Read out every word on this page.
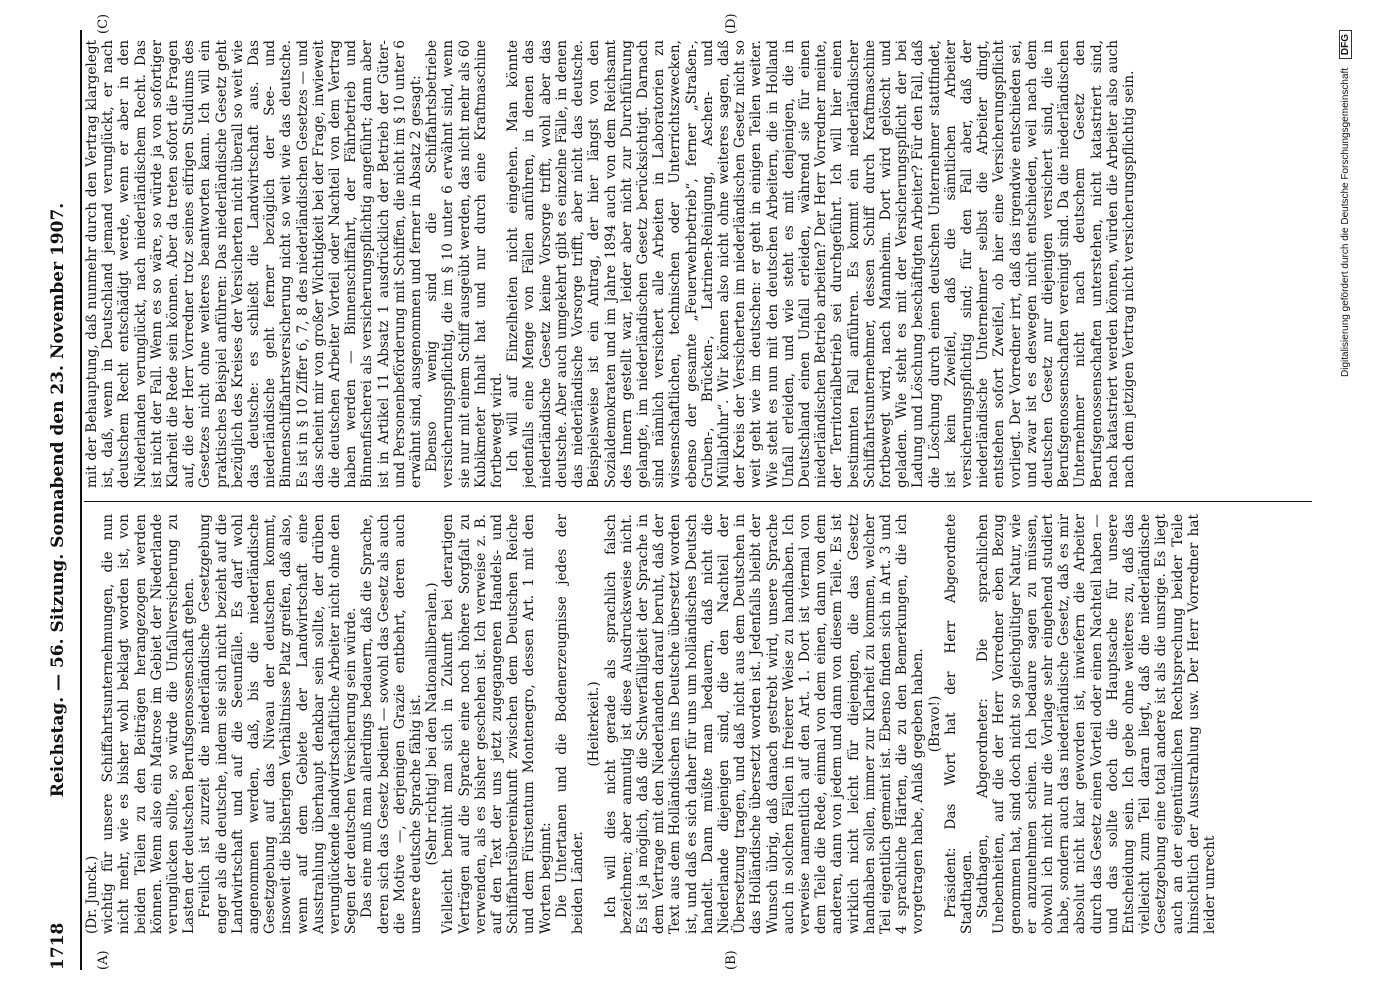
1718
Reichstag. — 56. Sitzung. Sonnabend den 23. November 1907.
(A)	(B)
(C)	(D)

(Dr. Junck.) wichtig für unsere Schiffahrtsunternehmungen, die nun nicht mehr, wie es bisher wohl beklagt worden ist, von beiden Teilen zu den Beiträgen herangezogen werden können. Wenn also ein Matrose im Gebiet der Niederlande verunglücken sollte, so würde die Unfallversicherung zu Lasten der deutschen Berufsgenossenschaft gehen. Freilich ist zurzeit die niederländische Gesetzgebung enger als die deutsche, indem sie sich nicht bezieht auf die Landwirtschaft und auf die Seeunfälle. Es darf wohl angenommen werden, daß, bis die niederländische Gesetzgebung auf das Niveau der deutschen kommt, insoweit die bisherigen Verhältnisse Platz greifen, daß also, wenn auf dem Gebiete der Landwirtschaft eine Ausstrahlung überhaupt denkbar sein sollte, der drüben verunglückende landwirtschaftliche Arbeiter nicht ohne den Segen der deutschen Versicherung sein würde. Das eine muß man allerdings bedauern, daß die Sprache, deren sich das Gesetz bedient — sowohl das Gesetz als auch die Motive —, derjenigen Grazie entbehrt, deren auch unsere deutsche Sprache fähig ist. (Sehr richtig! bei den Nationalliberalen.) Vielleicht bemüht man sich in Zukunft bei derartigen Verträgen auf die Sprache eine noch höhere Sorgfalt zu verwenden, als es bisher geschehen ist. Ich verweise z. B. auf den Text der uns jetzt zugegangenen Handels- und Schiffahrtsübereinkunft zwischen dem Deutschen Reiche und dem Fürstentum Montenegro, dessen Art. 1 mit den Worten beginnt: Die Untertanen und die Bodenerzeugnisse jedes der beiden Länder.

(Heiterkeit.) Ich will dies nicht gerade als sprachlich falsch bezeichnen; aber anmutig ist diese Ausdrucksweise nicht. Es ist ja möglich, daß die Schwerfälligkeit der Sprache in dem Vertrage mit den Niederlanden darauf beruht, daß der Text aus dem Holländischen ins Deutsche übersetzt worden ist, und daß es sich daher für uns um holländisches Deutsch handelt. Dann müßte man bedauern, daß nicht die Niederlande diejenigen sind, die den Nachteil der Übersetzung tragen, und daß nicht aus dem Deutschen in das Holländische übersetzt worden ist. Jedenfalls bleibt der Wunsch übrig, daß danach gestrebt wird, unsere Sprache auch in solchen Fällen in freierer Weise zu handhaben. Ich verweise namentlich auf den Art. 1. Dort ist viermal von dem Teile die Rede, einmal von dem einen, dann von dem anderen, dann von jedem und dann von diesem Teile. Es ist wirklich nicht leicht für diejenigen, die das Gesetz handhaben sollen, immer zur Klarheit zu kommen, welcher Teil eigentlich gemeint ist. Ebenso finden sich in Art. 3 und 4 sprachliche Härten, die zu den Bemerkungen, die ich vorgetragen habe, Anlaß gegeben haben. (Bravo!) Präsident: Das Wort hat der Herr Abgeordnete Stadthagen. Stadthagen, Abgeordneter: Die sprachlichen Unebenheiten, auf die der Herr Vorredner eben Bezug genommen hat, sind doch nicht so gleichgültiger Natur, wie er anzunehmen schien. Ich bedaure sagen zu müssen, obwohl ich nicht nur die Vorlage sehr eingehend studiert habe, sondern auch das niederländische Gesetz, daß es mir absolut nicht klar geworden ist, inwiefern die Arbeiter durch das Gesetz einen Vorteil oder einen Nachteil haben — und das sollte doch die Hauptsache für unsere Entscheidung sein. Ich gebe ohne weiteres zu, daß das vielleicht zum Teil daran liegt, daß die niederländische Gesetzgebung eine total andere ist als die unsrige. Es liegt auch an der eigentümlichen Rechtsprechung beider Teile hinsichtlich der Ausstrahlung usw. Der Herr Vorredner hat leider unrecht

mit der Behauptung, daß nunmehr durch den Vertrag klargelegt ist, daß, wenn in Deutschland jemand verunglückt, er nach deutschem Recht entschädigt werde, wenn er aber in den Niederlanden verunglückt, nach niederländischem Recht. Das ist nicht der Fall. Wenn es so wäre, so würde ja von sofortiger Klarheit die Rede sein können. Aber da treten sofort die Fragen auf, die der Herr Vorredner trotz seines eifrigen Studiums des Gesetzes nicht ohne weiteres beantworten kann. Ich will ein praktisches Beispiel anführen: Das niederländische Gesetz geht bezüglich des Kreises der Versicherten nicht überall so weit wie das deutsche: es schließt die Landwirtschaft aus. Das niederländische geht ferner bezüglich der See- und Binnenschiffahrtsversicherung nicht so weit wie das deutsche. Es ist in § 10 Ziffer 6, 7, 8 des niederländischen Gesetzes — und das scheint mir von großer Wichtigkeit bei der Frage, inwieweit die deutschen Arbeiter Vorteil oder Nachteil von dem Vertrag haben werden — Binnenschiffahrt, der Fährbetrieb und Binnenfischerei als versicherungspflichtig angeführt; dann aber ist in Artikel 11 Absatz 1 ausdrücklich der Betrieb der Güter- und Personenbeförderung mit Schiffen, die nicht im § 10 unter 6 erwähnt sind, ausgenommen und ferner in Absatz 2 gesagt: Ebenso wenig sind die Schiffahrtsbetriebe versicherungspflichtig, die im § 10 unter 6 erwähnt sind, wenn sie nur mit einem Schiff ausgeübt werden, das nicht mehr als 60 Kubikmeter Inhalt hat und nur durch eine Kraftmaschine fortbewegt wird. Ich will auf Einzelheiten nicht eingehen. Man könnte jedenfalls eine Menge von Fällen anführen, in denen das niederländische Gesetz keine Vorsorge trifft, wohl aber das deutsche. Aber auch umgekehrt gibt es einzelne Fälle, in denen das niederländische Vorsorge trifft, aber nicht das deutsche. Beispielsweise ist ein Antrag, der hier längst von den Sozialdemokraten und im Jahre 1894 auch von dem Reichsamt des Innern gestellt war, leider aber nicht zur Durchführung gelangte, im niederländischen Gesetz berücksichtigt. Darnach sind nämlich versichert alle Arbeiten in Laboratorien zu wissenschaftlichen, technischen oder Unterrichtszwecken, ebenso der gesamte „Feuerwehrbetrieb“, ferner „Straßen-, Gruben-, Brücken-, Latrinen-Reinigung, Aschen- und Müllabfuhr“. Wir können also nicht ohne weiteres sagen, daß der Kreis der Versicherten im niederländischen Gesetz nicht so weit geht wie im deutschen: er geht in einigen Teilen weiter. Wie steht es nun mit den deutschen Arbeitern, die in Holland Unfall erleiden, und wie steht es mit denjenigen, die in Deutschland einen Unfall erleiden, während sie für einen niederländischen Betrieb arbeiten? Der Herr Vorredner meinte, der Territorialbetrieb sei durchgeführt. Ich will hier einen bestimmten Fall anführen. Es kommt ein niederländischer Schiffahrtsunternehmer, dessen Schiff durch Kraftmaschine fortbewegt wird, nach Mannheim. Dort wird gelöscht und geladen. Wie steht es mit der Versicherungspflicht der bei Ladung und Löschung beschäftigten Arbeiter? Für den Fall, daß die Löschung durch einen deutschen Unternehmer stattfindet, ist kein Zweifel, daß die sämtlichen Arbeiter versicherungspflichtig sind; für den Fall aber, daß der niederländische Unternehmer selbst die Arbeiter dingt, entstehen sofort Zweifel, ob hier eine Versicherungspflicht vorliegt. Der Vorredner irrt, daß das irgendwie entschieden sei, und zwar ist es deswegen nicht entschieden, weil nach dem deutschen Gesetz nur diejenigen versichert sind, die in Berufsgenossenschaften vereinigt sind. Da die niederländischen Unternehmer nicht nach deutschem Gesetz den Berufsgenossenschaften unterstehen, nicht katastriert sind, nach katastriert werden können, würden die Arbeiter also auch nach dem jetzigen Vertrag nicht versicherungspflichtig sein.	Digitalisierung gefördert durch die Deutsche Forschungsgemeinschaft DFG
